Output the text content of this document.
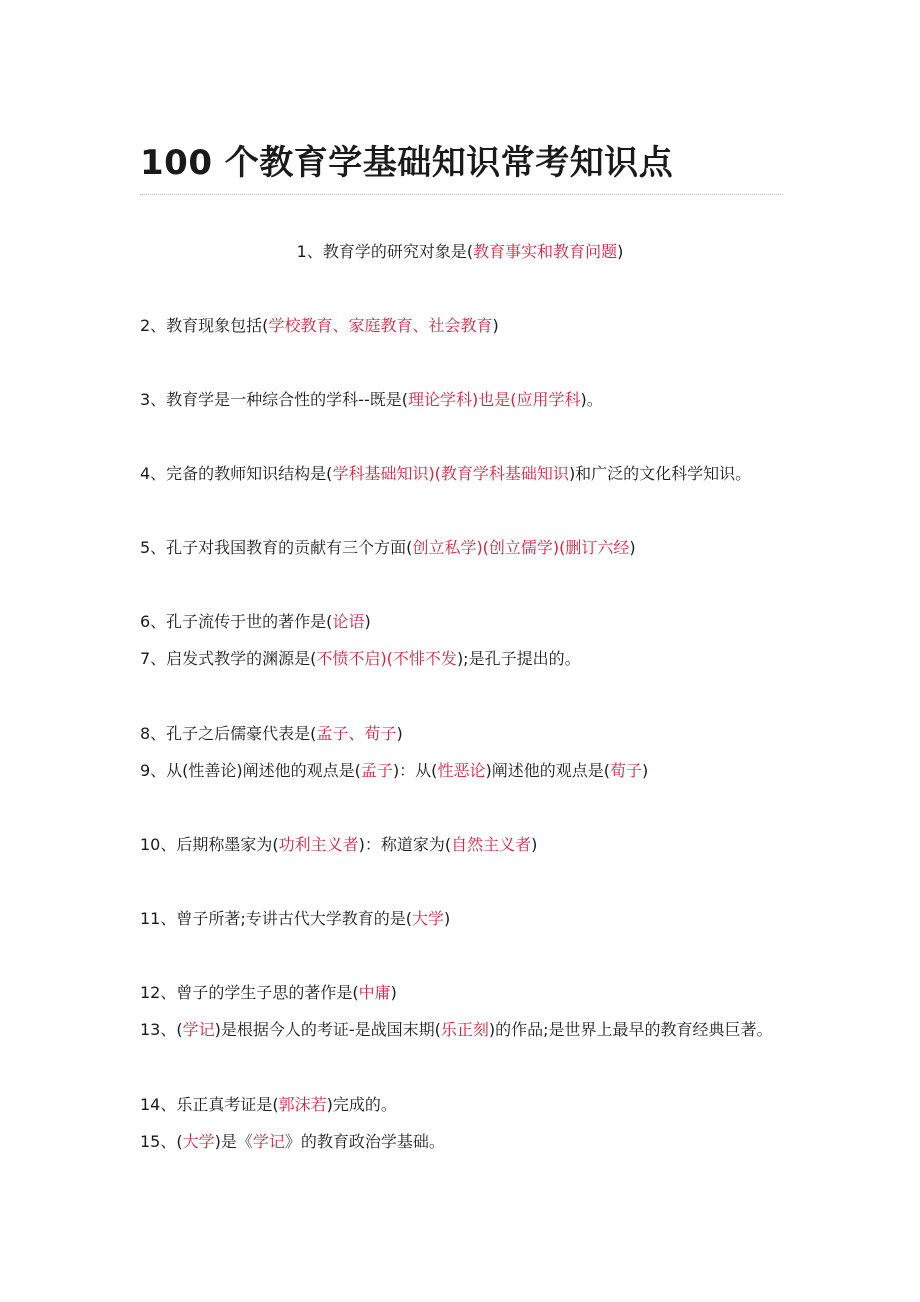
100 个教育学基础知识常考知识点

1、教育学的研究对象是(教育事实和教育问题)

2、教育现象包括(学校教育、家庭教育、社会教育)

3、教育学是一种综合性的学科--既是(理论学科)也是(应用学科)。

4、完备的教师知识结构是(学科基础知识)(教育学科基础知识)和广泛的文化科学知识。

5、孔子对我国教育的贡献有三个方面(创立私学)(创立儒学)(删订六经)

6、孔子流传于世的著作是(论语)

7、启发式教学的渊源是(不愤不启)(不悱不发);是孔子提出的。

8、孔子之后儒豪代表是(孟子、荀子)

9、从(性善论)阐述他的观点是(孟子)：从(性恶论)阐述他的观点是(荀子)

10、后期称墨家为(功利主义者)：称道家为(自然主义者)

11、曾子所著;专讲古代大学教育的是(大学)

12、曾子的学生子思的著作是(中庸)

13、(学记)是根据今人的考证-是战国末期(乐正刻)的作品;是世界上最早的教育经典巨著。

14、乐正真考证是(郭沫若)完成的。

15、(大学)是《学记》的教育政治学基础。
